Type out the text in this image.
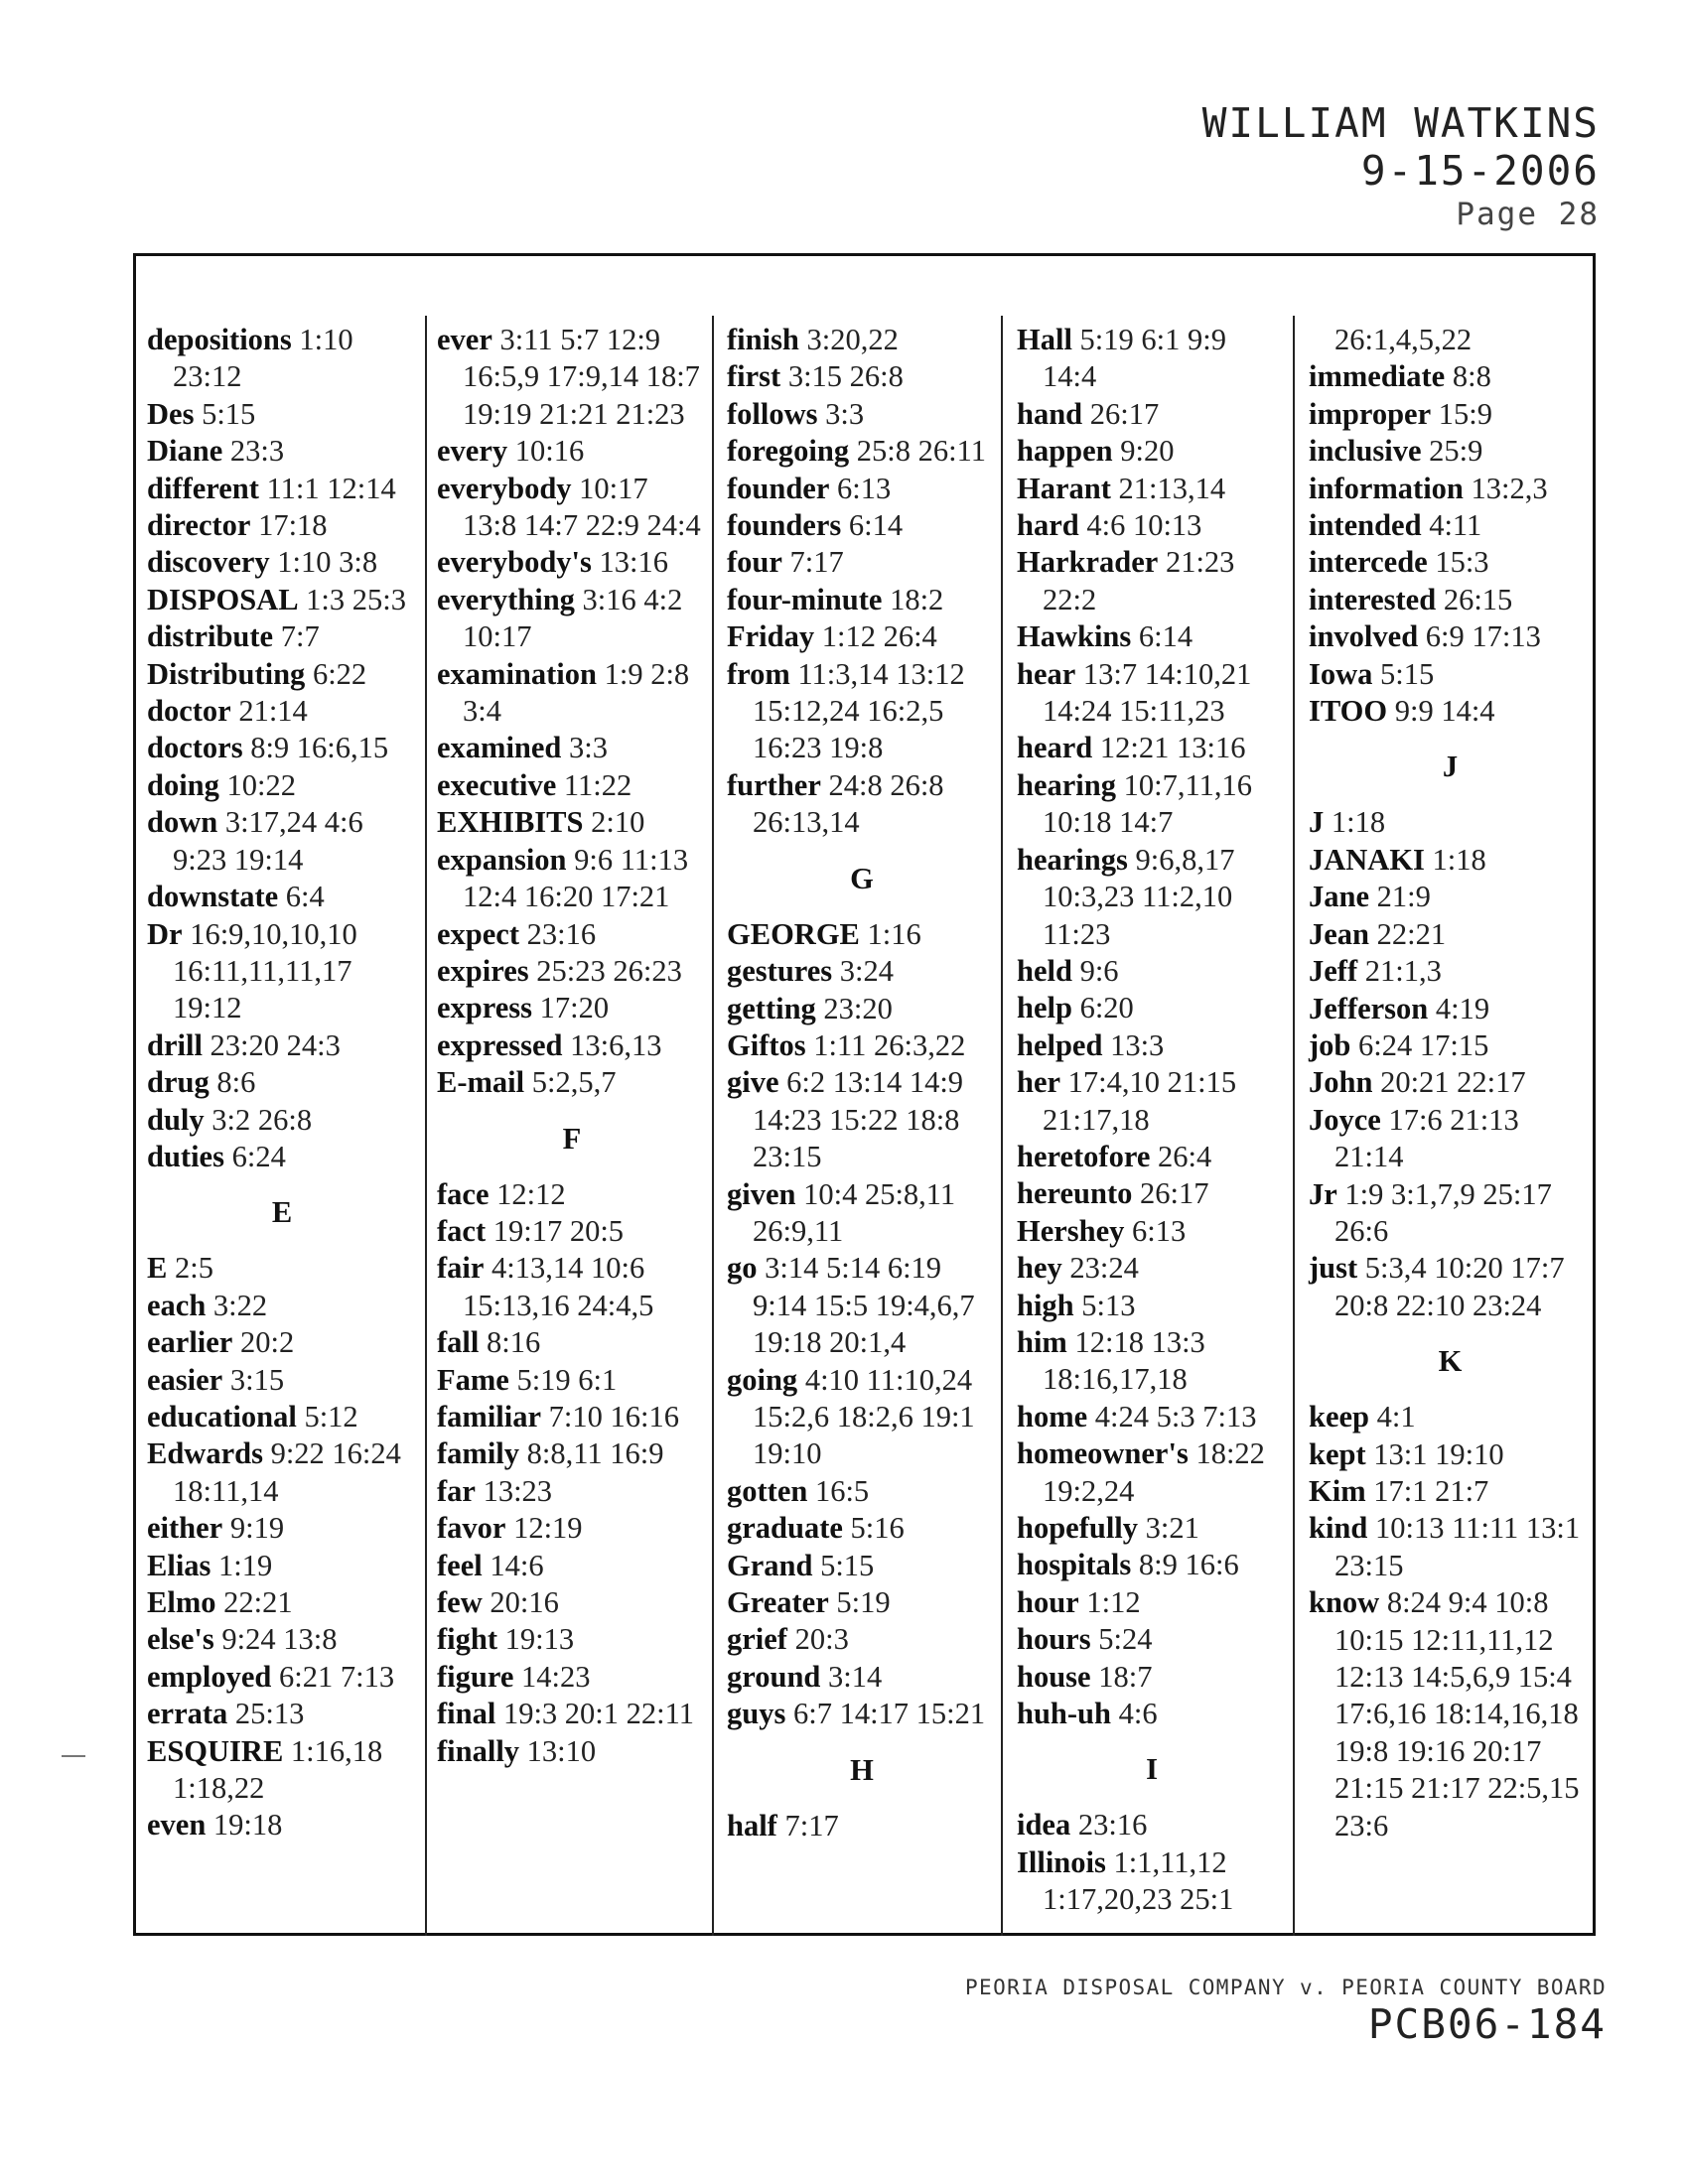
WILLIAM WATKINS
9-15-2006
Page 28
depositions 1:10 23:12
Des 5:15
Diane 23:3
different 11:1 12:14
director 17:18
discovery 1:10 3:8
DISPOSAL 1:3 25:3
distribute 7:7
Distributing 6:22
doctor 21:14
doctors 8:9 16:6,15
doing 10:22
down 3:17,24 4:6 9:23 19:14
downstate 6:4
Dr 16:9,10,10,10 16:11,11,11,17 19:12
drill 23:20 24:3
drug 8:6
duly 3:2 26:8
duties 6:24
E
E 2:5
each 3:22
earlier 20:2
easier 3:15
educational 5:12
Edwards 9:22 16:24 18:11,14
either 9:19
Elias 1:19
Elmo 22:21
else's 9:24 13:8
employed 6:21 7:13
errata 25:13
ESQUIRE 1:16,18 1:18,22
even 19:18
ever 3:11 5:7 12:9 16:5,9 17:9,14 18:7 19:19 21:21 21:23
every 10:16
everybody 10:17 13:8 14:7 22:9 24:4
everybody's 13:16
everything 3:16 4:2 10:17
examination 1:9 2:8 3:4
examined 3:3
executive 11:22
EXHIBITS 2:10
expansion 9:6 11:13 12:4 16:20 17:21
expect 23:16
expires 25:23 26:23
express 17:20
expressed 13:6,13
E-mail 5:2,5,7
F
face 12:12
fact 19:17 20:5
fair 4:13,14 10:6 15:13,16 24:4,5
fall 8:16
Fame 5:19 6:1
familiar 7:10 16:16
family 8:8,11 16:9
far 13:23
favor 12:19
feel 14:6
few 20:16
fight 19:13
figure 14:23
final 19:3 20:1 22:11
finally 13:10
finish 3:20,22
first 3:15 26:8
follows 3:3
foregoing 25:8 26:11
founder 6:13
founders 6:14
four 7:17
four-minute 18:2
Friday 1:12 26:4
from 11:3,14 13:12 15:12,24 16:2,5 16:23 19:8
further 24:8 26:8 26:13,14
G
GEORGE 1:16
gestures 3:24
getting 23:20
Giftos 1:11 26:3,22
give 6:2 13:14 14:9 14:23 15:22 18:8 23:15
given 10:4 25:8,11 26:9,11
go 3:14 5:14 6:19 9:14 15:5 19:4,6,7 19:18 20:1,4
going 4:10 11:10,24 15:2,6 18:2,6 19:1 19:10
gotten 16:5
graduate 5:16
Grand 5:15
Greater 5:19
grief 20:3
ground 3:14
guys 6:7 14:17 15:21
H
half 7:17
Hall 5:19 6:1 9:9 14:4
hand 26:17
happen 9:20
Harant 21:13,14
hard 4:6 10:13
Harkrader 21:23 22:2
Hawkins 6:14
hear 13:7 14:10,21 14:24 15:11,23
heard 12:21 13:16
hearing 10:7,11,16 10:18 14:7
hearings 9:6,8,17 10:3,23 11:2,10 11:23
held 9:6
help 6:20
helped 13:3
her 17:4,10 21:15 21:17,18
heretofore 26:4
hereunto 26:17
Hershey 6:13
hey 23:24
high 5:13
him 12:18 13:3 18:16,17,18
home 4:24 5:3 7:13
homeowner's 18:22 19:2,24
hopefully 3:21
hospitals 8:9 16:6
hour 1:12
hours 5:24
house 18:7
huh-uh 4:6
I
idea 23:16
Illinois 1:1,11,12 1:17,20,23 25:1
26:1,4,5,22
immediate 8:8
improper 15:9
inclusive 25:9
information 13:2,3
intended 4:11
intercede 15:3
interested 26:15
involved 6:9 17:13
Iowa 5:15
ITOO 9:9 14:4
J
J 1:18
JANAKI 1:18
Jane 21:9
Jean 22:21
Jeff 21:1,3
Jefferson 4:19
job 6:24 17:15
John 20:21 22:17
Joyce 17:6 21:13 21:14
Jr 1:9 3:1,7,9 25:17 26:6
just 5:3,4 10:20 17:7 20:8 22:10 23:24
K
keep 4:1
kept 13:1 19:10
Kim 17:1 21:7
kind 10:13 11:11 13:1 23:15
know 8:24 9:4 10:8 10:15 12:11,11,12 12:13 14:5,6,9 15:4 17:6,16 18:14,16,18 19:8 19:16 20:17 21:15 21:17 22:5,15 23:6
PEORIA DISPOSAL COMPANY v. PEORIA COUNTY BOARD
PCB06-184
